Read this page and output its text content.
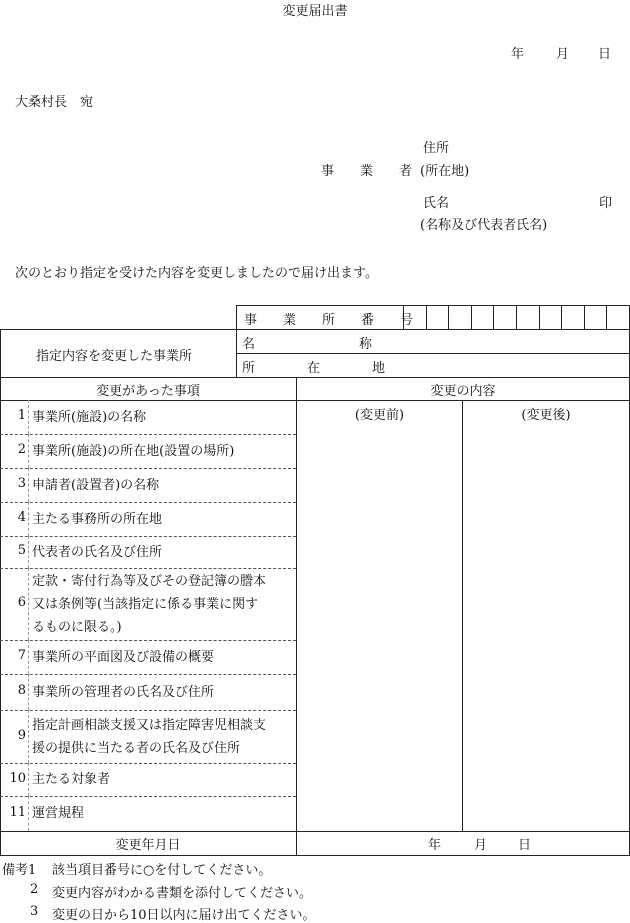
変更届出書
年 月 日
大桑村長　宛
住所
事　　業　　者 (所在地)
氏名	印
(名称及び代表者氏名)
次のとおり指定を受けた内容を変更しましたので届け出ます。
事　　業　　所　　番　　号
指定内容を変更した事業所
名　　　　　　　　称
所　　　　在　　　　地
変更があった事項	変更の内容
(変更前)	(変更後)
1 事業所(施設)の名称
2 事業所(施設)の所在地(設置の場所)
3 申請者(設置者)の名称
4 主たる事務所の所在地
5 代表者の氏名及び住所
6
定款・寄付行為等及びその登記簿の謄本
又は条例等(当該指定に係る事業に関す
るものに限る。)
7 事業所の平面図及び設備の概要
8 事業所の管理者の氏名及び住所
9
指定計画相談支援又は指定障害児相談支
援の提供に当たる者の氏名及び住所
10 主たる対象者
11 運営規程
変更年月日	年	月 日
備考1 該当項目番号に○を付してください。
2 変更内容がわかる書類を添付してください。
3 変更の日から10日以内に届け出てください。
